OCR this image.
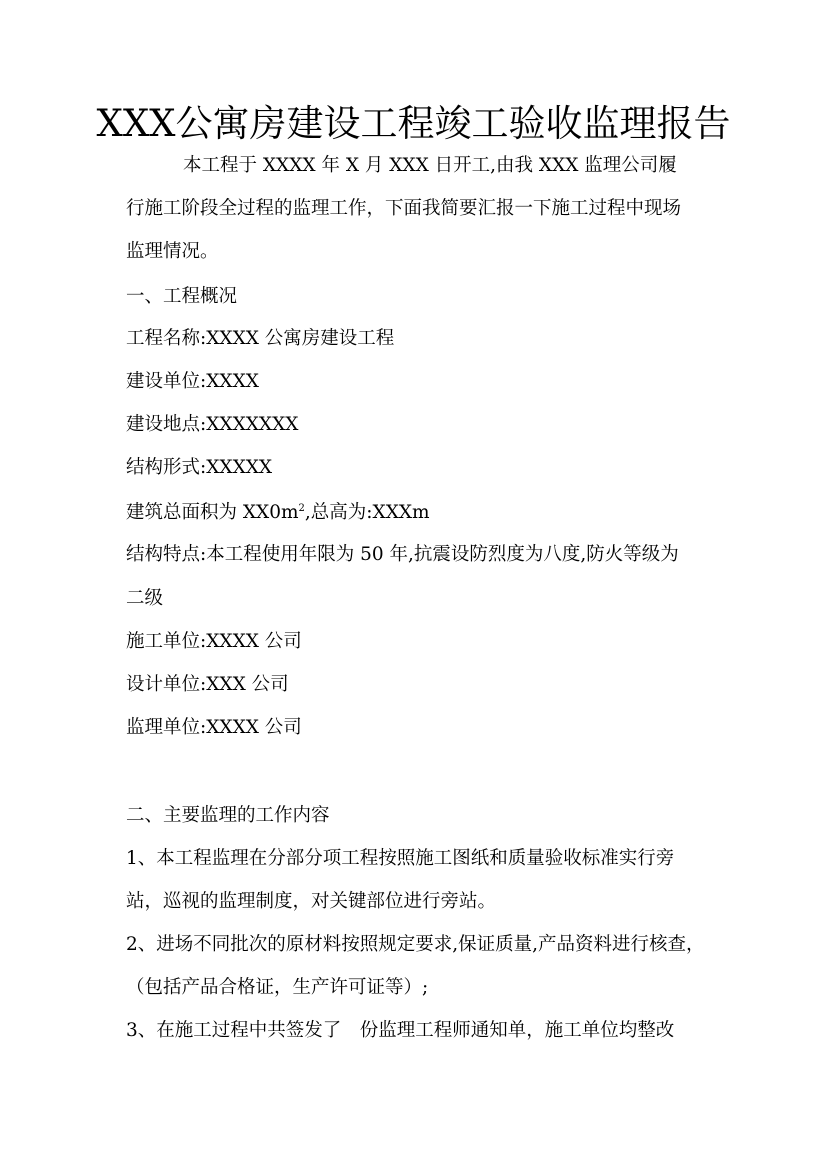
XXX公寓房建设工程竣工验收监理报告

本工程于 XXXX 年 X 月 XXX 日开工,由我 XXX 监理公司履

行施工阶段全过程的监理工作，下面我简要汇报一下施工过程中现场

监理情况。

一、工程概况

工程名称:XXXX 公寓房建设工程

建设单位:XXXX

建设地点:XXXXXXX

结构形式:XXXXX

建筑总面积为 $XX0m^2$,总高为:XXXm

结构特点:本工程使用年限为 50 年,抗震设防烈度为八度,防火等级为

二级

施工单位:XXXX 公司

设计单位:XXX 公司

监理单位:XXXX 公司

二、主要监理的工作内容

1、本工程监理在分部分项工程按照施工图纸和质量验收标准实行旁

站，巡视的监理制度，对关键部位进行旁站。

2、进场不同批次的原材料按照规定要求,保证质量,产品资料进行核查，

（包括产品合格证，生产许可证等）;

3、在施工过程中共签发了　份监理工程师通知单，施工单位均整改
